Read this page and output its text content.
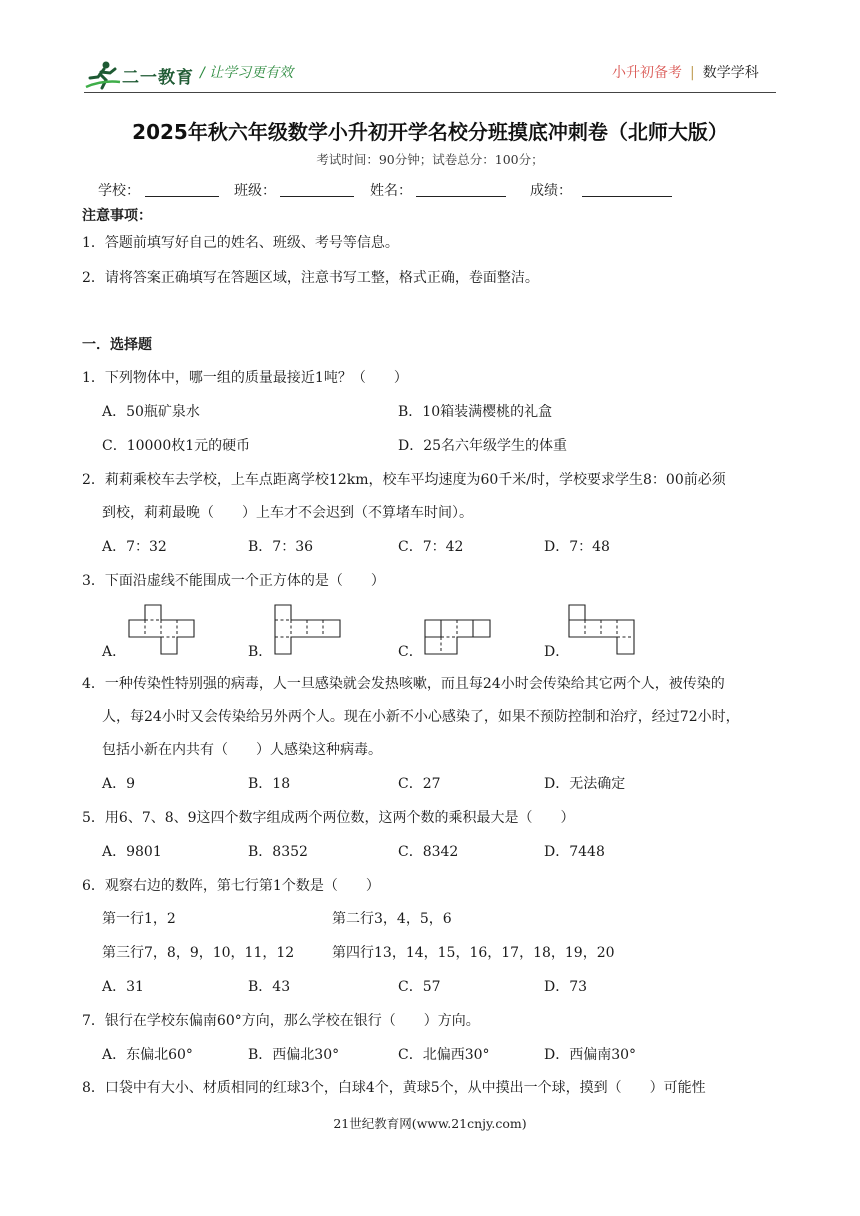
二一教育 / 让学习更有效	小升初备考 | 数学学科
2025年秋六年级数学小升初开学名校分班摸底冲刺卷（北师大版）
考试时间：90分钟；试卷总分：100分；
学校：	班级：	姓名：	成绩：
注意事项：
1．答题前填写好自己的姓名、班级、考号等信息。
2．请将答案正确填写在答题区域，注意书写工整，格式正确，卷面整洁。
一．选择题
1．下列物体中，哪一组的质量最接近1吨？（　　）
A．50瓶矿泉水	B．10箱装满樱桃的礼盒
C．10000枚1元的硬币	D．25名六年级学生的体重
2．莉莉乘校车去学校，上车点距离学校12km，校车平均速度为60千米/时，学校要求学生8：00前必须
到校，莉莉最晚（　　）上车才不会迟到（不算堵车时间）。
A．7：32	B．7：36	C．7：42	D．7：48
3．下面沿虚线不能围成一个正方体的是（　　）
A．	B．	C．	D．
4．一种传染性特别强的病毒，人一旦感染就会发热咳嗽，而且每24小时会传染给其它两个人，被传染的
人，每24小时又会传染给另外两个人。现在小新不小心感染了，如果不预防控制和治疗，经过72小时，
包括小新在内共有（　　）人感染这种病毒。
A．9	B．18	C．27	D．无法确定
5．用6、7、8、9这四个数字组成两个两位数，这两个数的乘积最大是（　　）
A．9801	B．8352	C．8342	D．7448
6．观察右边的数阵，第七行第1个数是（　　）
第一行1，2	第二行3，4，5，6
第三行7，8，9，10，11，12	第四行13，14，15，16，17，18，19，20
A．31	B．43	C．57	D．73
7．银行在学校东偏南60°方向，那么学校在银行（　　）方向。
A．东偏北60°	B．西偏北30°	C．北偏西30°	D．西偏南30°
8．口袋中有大小、材质相同的红球3个，白球4个，黄球5个，从中摸出一个球，摸到（　　）可能性
21世纪教育网(www.21cnjy.com)
